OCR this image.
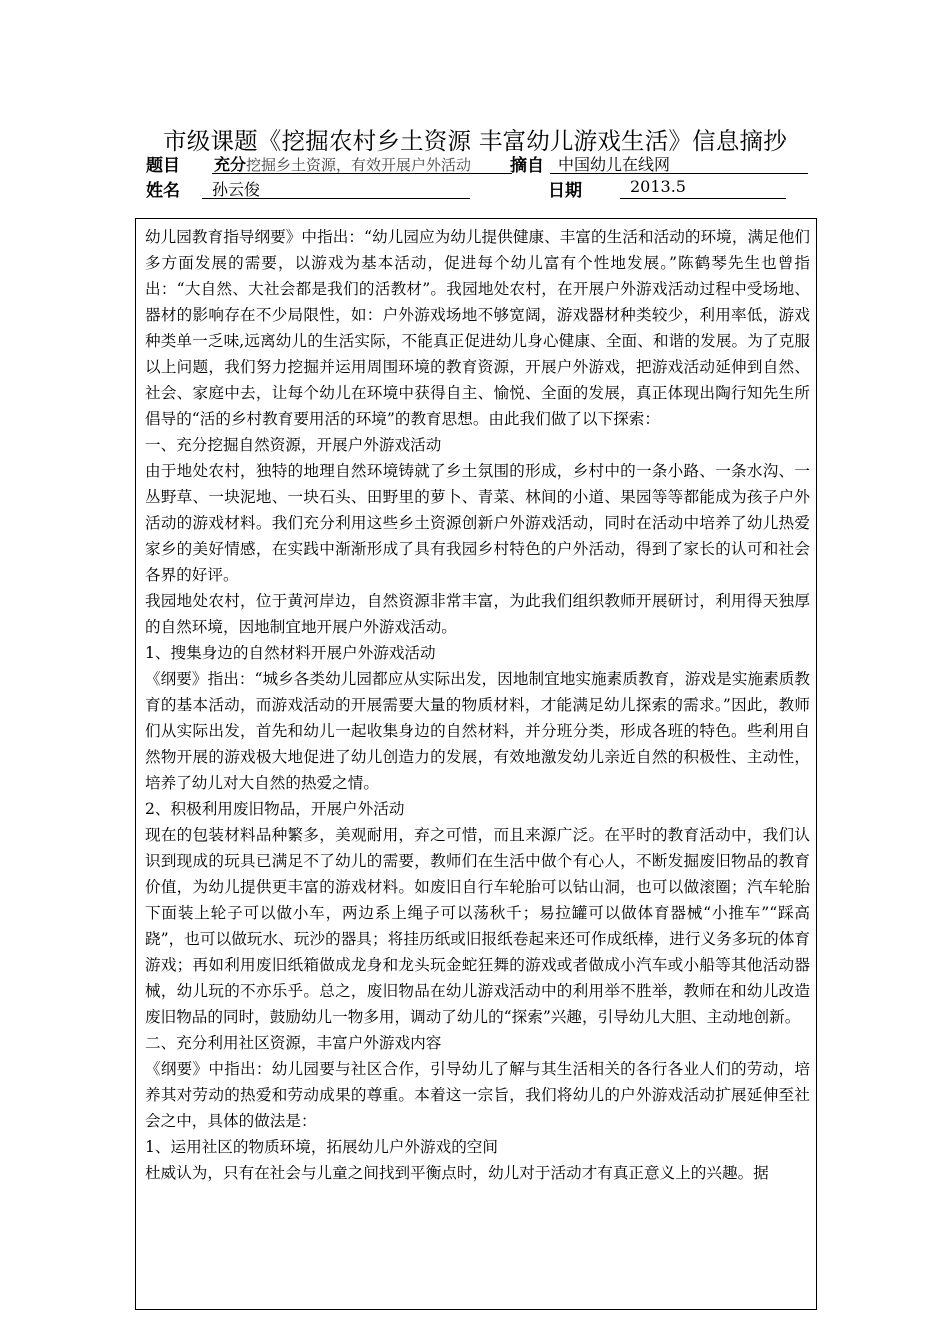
市级课题《挖掘农村乡土资源 丰富幼儿游戏生活》信息摘抄
题目 充分挖掘乡土资源，有效开展户外活动 摘自 中国幼儿在线网
姓名 孙云俊	日期	2013.5

幼儿园教育指导纲要》中指出：“幼儿园应为幼儿提供健康、丰富的生活和活动的环境，满足他们多方面发展的需要，以游戏为基本活动，促进每个幼儿富有个性地发展。”陈鹤琴先生也曾指出：“大自然、大社会都是我们的活教材”。我园地处农村，在开展户外游戏活动过程中受场地、器材的影响存在不少局限性，如：户外游戏场地不够宽阔，游戏器材种类较少，利用率低，游戏种类单一乏味,远离幼儿的生活实际，不能真正促进幼儿身心健康、全面、和谐的发展。为了克服以上问题，我们努力挖掘并运用周围环境的教育资源，开展户外游戏，把游戏活动延伸到自然、社会、家庭中去，让每个幼儿在环境中获得自主、愉悦、全面的发展，真正体现出陶行知先生所倡导的“活的乡村教育要用活的环境”的教育思想。由此我们做了以下探索：

一、充分挖掘自然资源，开展户外游戏活动

由于地处农村，独特的地理自然环境铸就了乡土氛围的形成，乡村中的一条小路、一条水沟、一丛野草、一块泥地、一块石头、田野里的萝卜、青菜、林间的小道、果园等等都能成为孩子户外活动的游戏材料。我们充分利用这些乡土资源创新户外游戏活动，同时在活动中培养了幼儿热爱家乡的美好情感，在实践中渐渐形成了具有我园乡村特色的户外活动，得到了家长的认可和社会各界的好评。

我园地处农村，位于黄河岸边，自然资源非常丰富，为此我们组织教师开展研讨，利用得天独厚的自然环境，因地制宜地开展户外游戏活动。

1、搜集身边的自然材料开展户外游戏活动

《纲要》指出：“城乡各类幼儿园都应从实际出发，因地制宜地实施素质教育，游戏是实施素质教育的基本活动，而游戏活动的开展需要大量的物质材料，才能满足幼儿探索的需求。”因此，教师们从实际出发，首先和幼儿一起收集身边的自然材料，并分班分类，形成各班的特色。些利用自然物开展的游戏极大地促进了幼儿创造力的发展，有效地激发幼儿亲近自然的积极性、主动性，培养了幼儿对大自然的热爱之情。

2、积极利用废旧物品，开展户外活动

现在的包装材料品种繁多，美观耐用，弃之可惜，而且来源广泛。在平时的教育活动中，我们认识到现成的玩具已满足不了幼儿的需要，教师们在生活中做个有心人，不断发掘废旧物品的教育价值，为幼儿提供更丰富的游戏材料。如废旧自行车轮胎可以钻山洞，也可以做滚圈；汽车轮胎下面装上轮子可以做小车，两边系上绳子可以荡秋千；易拉罐可以做体育器械“小推车”“踩高跷”，也可以做玩水、玩沙的器具；将挂历纸或旧报纸卷起来还可作成纸棒，进行义务多玩的体育游戏；再如利用废旧纸箱做成龙身和龙头玩金蛇狂舞的游戏或者做成小汽车或小船等其他活动器械，幼儿玩的不亦乐乎。总之，废旧物品在幼儿游戏活动中的利用举不胜举，教师在和幼儿改造废旧物品的同时，鼓励幼儿一物多用，调动了幼儿的“探索”兴趣，引导幼儿大胆、主动地创新。

二、充分利用社区资源，丰富户外游戏内容

《纲要》中指出：幼儿园要与社区合作，引导幼儿了解与其生活相关的各行各业人们的劳动，培养其对劳动的热爱和劳动成果的尊重。本着这一宗旨，我们将幼儿的户外游戏活动扩展延伸至社会之中，具体的做法是：

1、运用社区的物质环境，拓展幼儿户外游戏的空间

杜威认为，只有在社会与儿童之间找到平衡点时，幼儿对于活动才有真正意义上的兴趣。据
